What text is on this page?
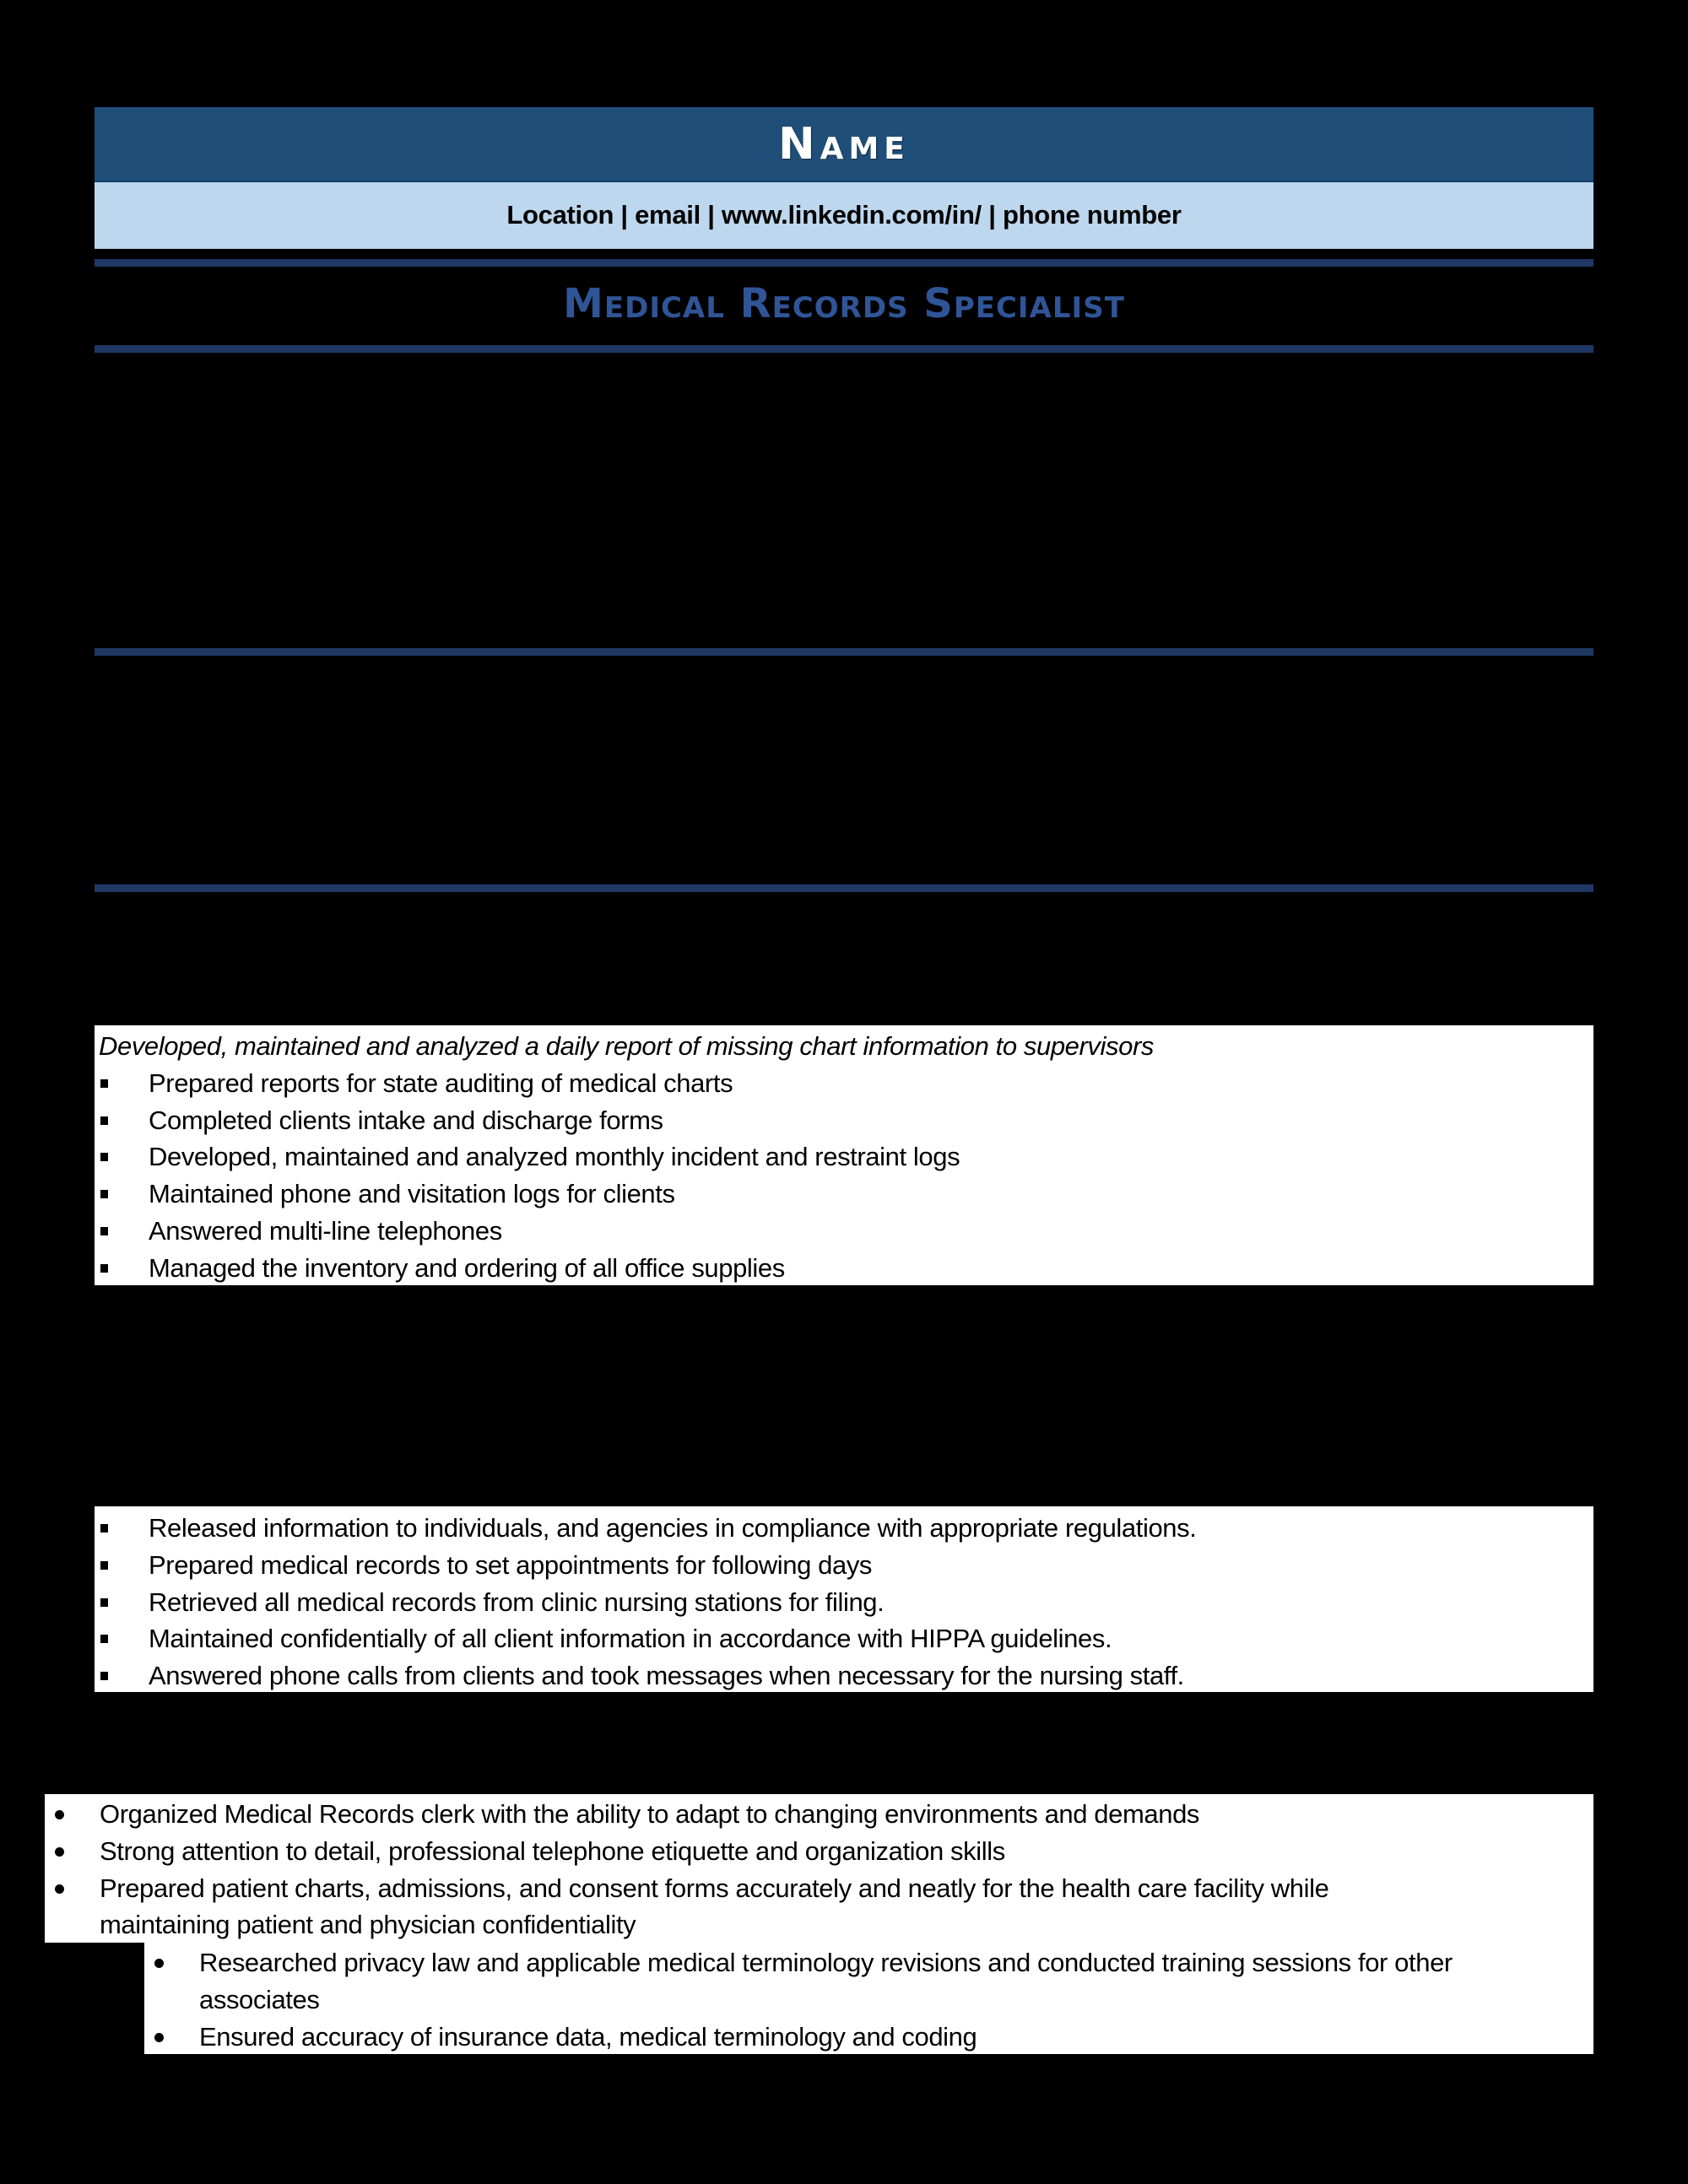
Name
Location | email | www.linkedin.com/in/ | phone number
Medical Records Specialist
Developed, maintained and analyzed a daily report of missing chart information to supervisors
Prepared reports for state auditing of medical charts
Completed clients intake and discharge forms
Developed, maintained and analyzed monthly incident and restraint logs
Maintained phone and visitation logs for clients
Answered multi-line telephones
Managed the inventory and ordering of all office supplies
Released information to individuals, and agencies in compliance with appropriate regulations.
Prepared medical records to set appointments for following days
Retrieved all medical records from clinic nursing stations for filing.
Maintained confidentially of all client information in accordance with HIPPA guidelines.
Answered phone calls from clients and took messages when necessary for the nursing staff.
Organized Medical Records clerk with the ability to adapt to changing environments and demands
Strong attention to detail, professional telephone etiquette and organization skills
Prepared patient charts, admissions, and consent forms accurately and neatly for the health care facility while
maintaining patient and physician confidentiality
Researched privacy law and applicable medical terminology revisions and conducted training sessions for other
associates
Ensured accuracy of insurance data, medical terminology and coding
